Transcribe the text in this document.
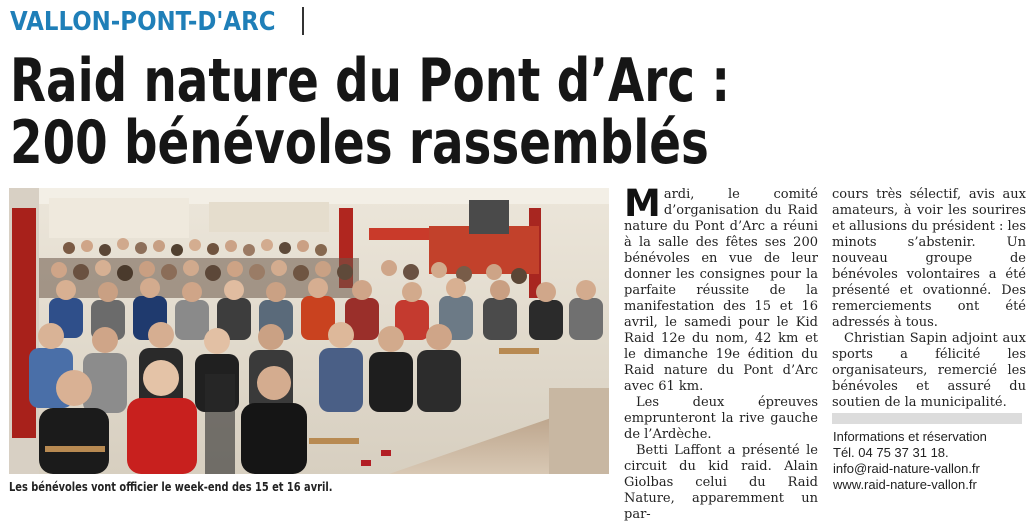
VALLON-PONT-D'ARC
Raid nature du Pont d’Arc :
200 bénévoles rassemblés
Les bénévoles vont officier le week-end des 15 et 16 avril.

Mardi, le comité d’organisation du Raid nature du Pont d’Arc a réuni à la salle des fêtes ses 200 bénévoles en vue de leur donner les consignes pour la parfaite réussite de la manifestation des 15 et 16 avril, le samedi pour le Kid Raid 12e du nom, 42 km et le dimanche 19e édition du Raid nature du Pont d’Arc avec 61 km.

Les deux épreuves emprunteront la rive gauche de l’Ardèche.

Betti Laffont a présenté le circuit du kid raid. Alain Giolbas celui du Raid Nature, apparemment un par-

cours très sélectif, avis aux amateurs, à voir les sourires et allusions du président : les minots s’abstenir. Un nouveau groupe de bénévoles volontaires a été présenté et ovationné. Des remerciements ont été adressés à tous.

Christian Sapin adjoint aux sports a félicité les organisateurs, remercié les bénévoles et assuré du soutien de la municipalité.

Informations et réservation
Tél. 04 75 37 31 18.
info@raid-nature-vallon.fr
www.raid-nature-vallon.fr
